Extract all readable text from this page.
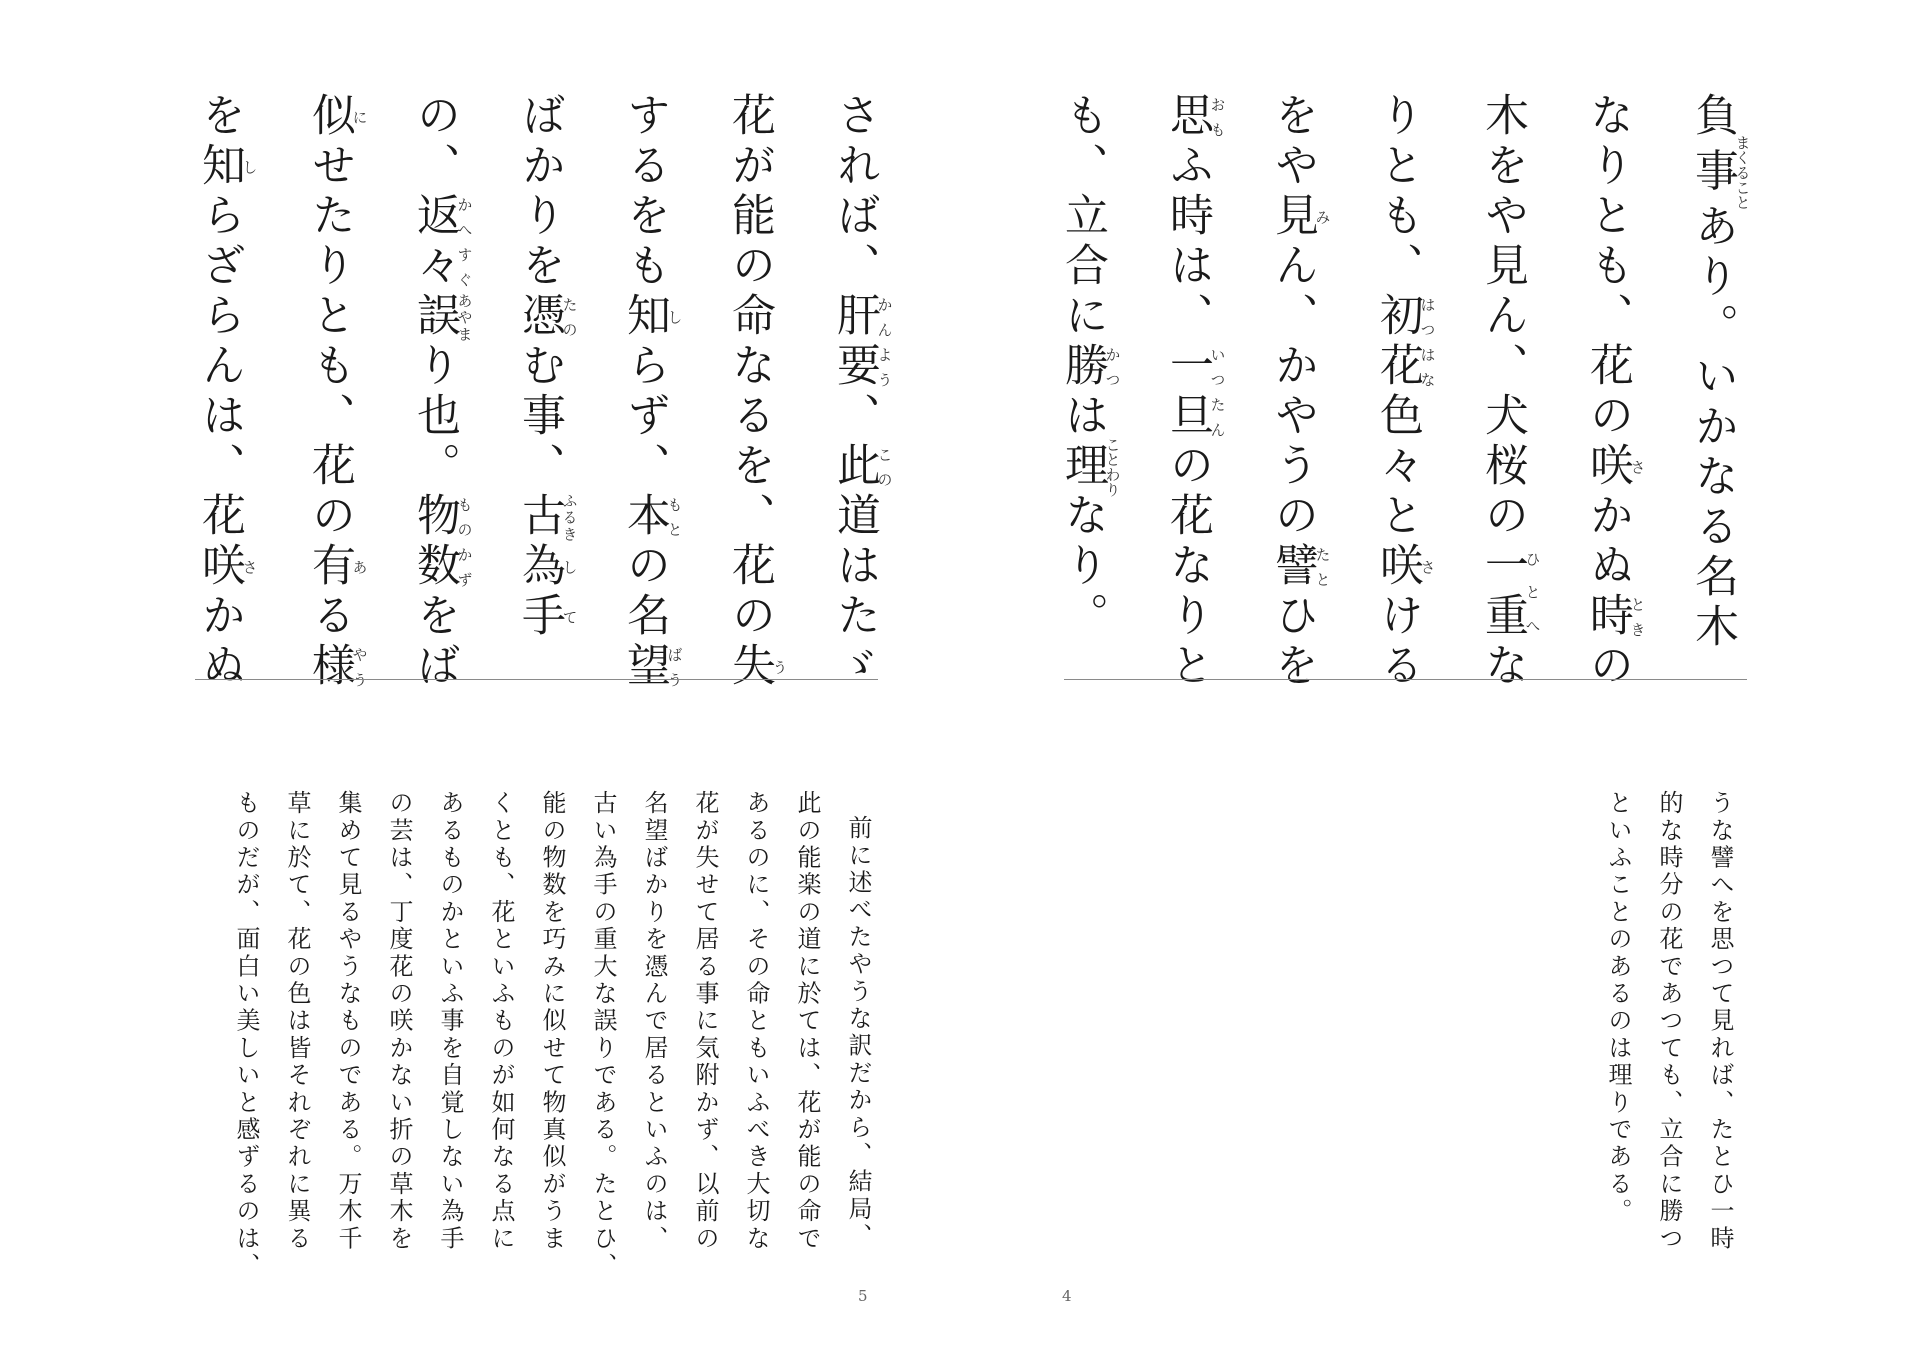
されば、肝要かんよう、此この道はたゞ

花が能の命なるを、花の失う

するをも知しらず、本もとの名望ばう

ばかりを憑たのむ事、古ふるき為し手て

の、返々かへすぐ誤あやまり也。物数ものかずをば

似にせたりとも、花の有ある様やう

を知しらざらんは、花咲さかぬ

前に述べたやうな訳だから、結局、

此の能楽の道に於ては、花が能の命で

あるのに、その命ともいふべき大切な

花が失せて居る事に気附かず、以前の

名望ばかりを憑んで居るといふのは、

古い為手の重大な誤りである。たとひ、

能の物数を巧みに似せて物真似がうま

くとも、花といふものが如何なる点に

あるものかといふ事を自覚しない為手

の芸は、丁度花の咲かない折の草木を

集めて見るやうなものである。万木千

草に於て、花の色は皆それぞれに異る

ものだが、面白い美しいと感ずるのは、

5

負事まくることあり。いかなる名木

なりとも、花の咲さかぬ時ときの

木をや見ん、犬桜の一重ひとへな

りとも、初はつ花はな色々と咲さける

をや見みん、かやうの譬たとひを

思おもふ時は、一旦いつたんの花なりと

も、立合に勝かつは理ことわりなり。

うな譬へを思つて見れば、たとひ一時

的な時分の花であつても、立合に勝つ

といふことのあるのは理りである。

4
